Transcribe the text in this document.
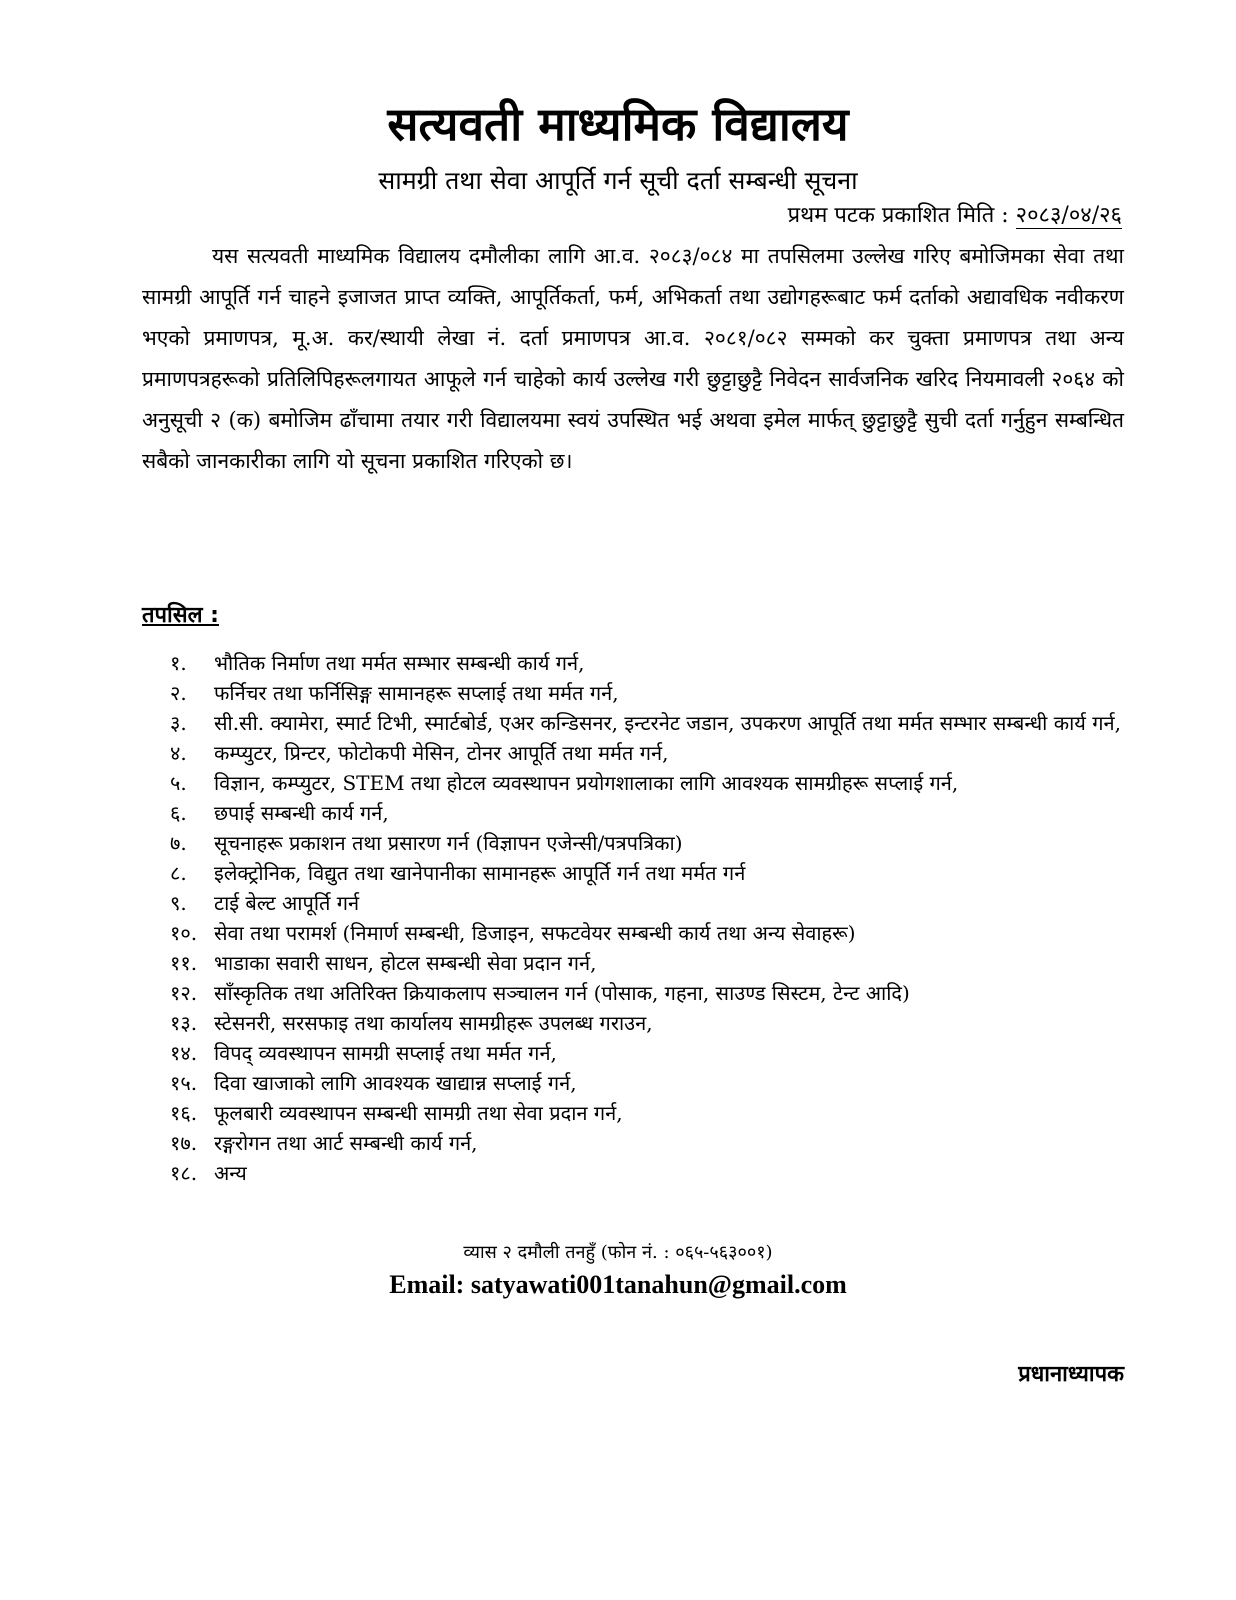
सत्यवती माध्यमिक विद्यालय
सामग्री तथा सेवा आपूर्ति गर्न सूची दर्ता सम्बन्धी सूचना
प्रथम पटक प्रकाशित मिति : २०८३/०४/२६

यस सत्यवती माध्यमिक विद्यालय दमौलीका लागि आ.व. २०८३/०८४ मा तपसिलमा उल्लेख गरिए बमोजिमका सेवा तथा सामग्री आपूर्ति गर्न चाहने इजाजत प्राप्त व्यक्ति, आपूर्तिकर्ता, फर्म, अभिकर्ता तथा उद्योगहरूबाट फर्म दर्ताको अद्यावधिक नवीकरण भएको प्रमाणपत्र, मू.अ. कर/स्थायी लेखा नं. दर्ता प्रमाणपत्र आ.व. २०८१/०८२ सम्मको कर चुक्ता प्रमाणपत्र तथा अन्य प्रमाणपत्रहरूको प्रतिलिपिहरूलगायत आफूले गर्न चाहेको कार्य उल्लेख गरी छुट्टाछुट्टै निवेदन सार्वजनिक खरिद नियमावली २०६४ को अनुसूची २ (क) बमोजिम ढाँचामा तयार गरी विद्यालयमा स्वयं उपस्थित भई अथवा इमेल मार्फत् छुट्टाछुट्टै सुची दर्ता गर्नुहुन सम्बन्धित सबैको जानकारीका लागि यो सूचना प्रकाशित गरिएको छ।

तपसिल :
१.	भौतिक निर्माण तथा मर्मत सम्भार सम्बन्धी कार्य गर्न,
२.	फर्निचर तथा फर्निसिङ्ग सामानहरू सप्लाई तथा मर्मत गर्न,
३.	सी.सी. क्यामेरा, स्मार्ट टिभी, स्मार्टबोर्ड, एअर कन्डिसनर, इन्टरनेट जडान, उपकरण आपूर्ति तथा मर्मत सम्भार सम्बन्धी कार्य गर्न,
४.	कम्प्युटर, प्रिन्टर, फोटोकपी मेसिन, टोनर आपूर्ति तथा मर्मत गर्न,
५.	विज्ञान, कम्प्युटर, STEM तथा होटल व्यवस्थापन प्रयोगशालाका लागि आवश्यक सामग्रीहरू सप्लाई गर्न,
६.	छपाई सम्बन्धी कार्य गर्न,
७.	सूचनाहरू प्रकाशन तथा प्रसारण गर्न (विज्ञापन एजेन्सी/पत्रपत्रिका)
८.	इलेक्ट्रोनिक, विद्युत तथा खानेपानीका सामानहरू आपूर्ति गर्न तथा मर्मत गर्न
९.	टाई बेल्ट आपूर्ति गर्न
१०. सेवा तथा परामर्श (निमार्ण सम्बन्धी, डिजाइन, सफटवेयर सम्बन्धी कार्य तथा अन्य सेवाहरू)
११. भाडाका सवारी साधन, होटल सम्बन्धी सेवा प्रदान गर्न,
१२. साँस्कृतिक तथा अतिरिक्त क्रियाकलाप सञ्चालन गर्न (पोसाक, गहना, साउण्ड सिस्टम, टेन्ट आदि)
१३. स्टेसनरी, सरसफाइ तथा कार्यालय सामग्रीहरू उपलब्ध गराउन,
१४. विपद् व्यवस्थापन सामग्री सप्लाई तथा मर्मत गर्न,
१५. दिवा खाजाको लागि आवश्यक खाद्यान्न सप्लाई गर्न,
१६. फूलबारी व्यवस्थापन सम्बन्धी सामग्री तथा सेवा प्रदान गर्न,
१७. रङ्गरोगन तथा आर्ट सम्बन्धी कार्य गर्न,
१८. अन्य
व्यास २ दमौली तनहुँ (फोन नं. : ०६५-५६३००१)
Email: satyawati001tanahun@gmail.com
प्रधानाध्यापक
